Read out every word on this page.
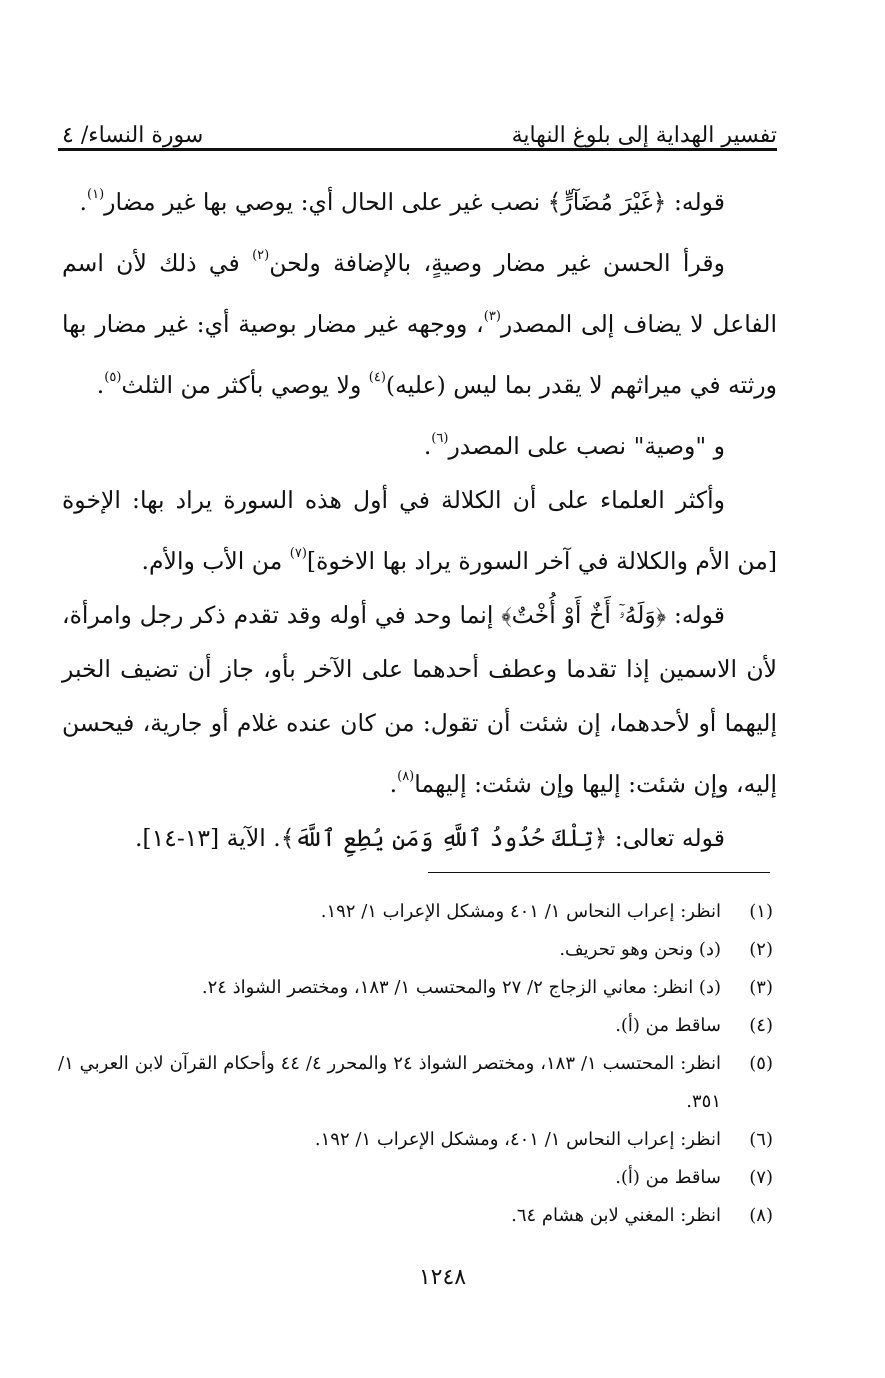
تفسير الهداية إلى بلوغ النهاية
سورة النساء/ ٤

قوله: ﴿غَيْرَ مُضَآرٍّ﴾ نصب غير على الحال أي: يوصي بها غير مضار$^{(١)}$.

وقرأ الحسن غير مضار وصيةٍ، بالإضافة ولحن$^{(٢)}$ في ذلك لأن اسم الفاعل لا يضاف إلى المصدر$^{(٣)}$، ووجهه غير مضار بوصية أي: غير مضار بها ورثته في ميراثهم لا يقدر بما ليس (عليه)$^{(٤)}$ ولا يوصي بأكثر من الثلث$^{(٥)}$.

و "وصية" نصب على المصدر$^{(٦)}$.

وأكثر العلماء على أن الكلالة في أول هذه السورة يراد بها: الإخوة [من الأم والكلالة في آخر السورة يراد بها الاخوة]$^{(٧)}$ من الأب والأم.

قوله: ﴿وَلَهُۥٓ أَخٌ أَوْ أُخْتٌ﴾ إنما وحد في أوله وقد تقدم ذكر رجل وامرأة، لأن الاسمين إذا تقدما وعطف أحدهما على الآخر بأو، جاز أن تضيف الخبر إليهما أو لأحدهما، إن شئت أن تقول: من كان عنده غلام أو جارية، فيحسن إليه، وإن شئت: إليها وإن شئت: إليهما$^{(٨)}$.

قوله تعالى: ﴿تِلْكَ حُدُودُ ٱللَّهِ وَمَن يُطِعِ ٱللَّهَ﴾. الآية [١٣-١٤].

(١)
انظر: إعراب النحاس ١/ ٤٠١ ومشكل الإعراب ١/ ١٩٢.
(٢)
(د) ونحن وهو تحريف.
(٣)
(د) انظر: معاني الزجاج ٢/ ٢٧ والمحتسب ١/ ١٨٣، ومختصر الشواذ ٢٤.
(٤)
ساقط من (أ).
(٥)
انظر: المحتسب ١/ ١٨٣، ومختصر الشواذ ٢٤ والمحرر ٤/ ٤٤ وأحكام القرآن لابن العربي ١/ ٣٥١.
(٦)
انظر: إعراب النحاس ١/ ٤٠١، ومشكل الإعراب ١/ ١٩٢.
(٧)
ساقط من (أ).
(٨)
انظر: المغني لابن هشام ٦٤.
١٢٤٨
